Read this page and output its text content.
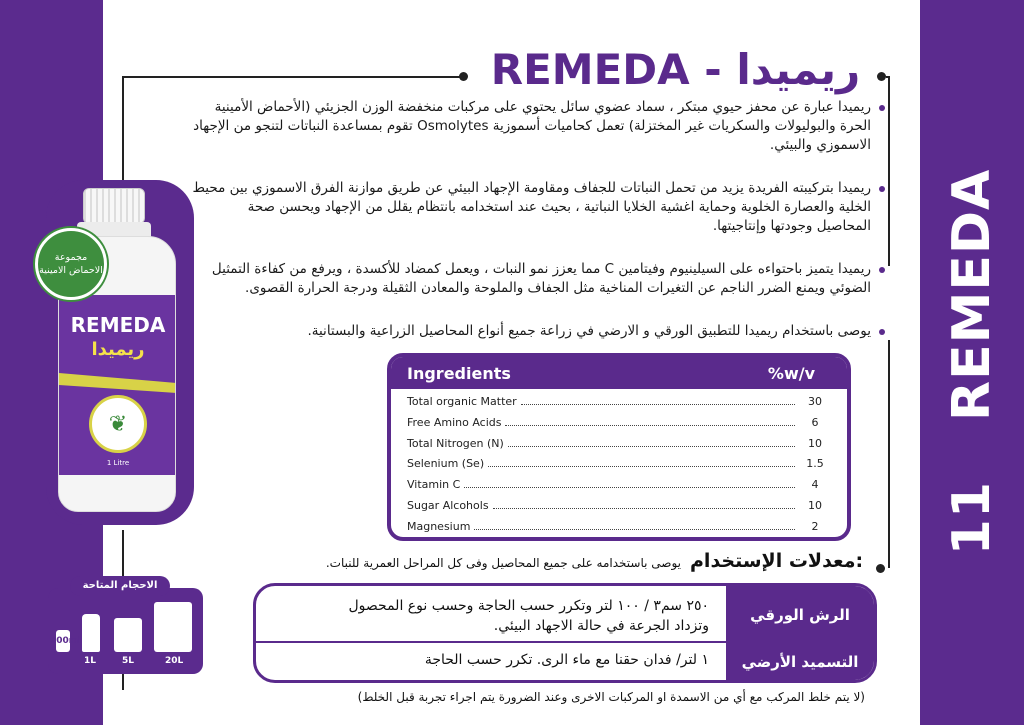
11REMEDA
REMEDA - ريميدا

ريميدا عبارة عن محفز حيوي مبتكر ، سماد عضوي سائل يحتوي على مركبات منخفضة الوزن الجزيئي (الأحماض الأمينية الحرة والبوليولات والسكريات غير المختزلة) تعمل كحاميات أسموزية Osmolytes تقوم بمساعدة النباتات لتنجو من الإجهاد الاسموزي والبيئي.

ريميدا بتركيبته الفريدة يزيد من تحمل النباتات للجفاف ومقاومة الإجهاد البيئي عن طريق موازنة الفرق الاسموزي بين محيط الخلية والعصارة الخلوية وحماية اغشية الخلايا النباتية ، بحيث عند استخدامه بانتظام يقلل من الإجهاد ويحسن صحة المحاصيل وجودتها وإنتاجيتها.

ريميدا يتميز باحتواءه على السيلينيوم وفيتامين C مما يعزز نمو النبات ، ويعمل كمضاد للأكسدة ، ويرفع من كفاءة التمثيل الضوئي ويمنع الضرر الناجم عن التغيرات المناخية مثل الجفاف والملوحة والمعادن الثقيلة ودرجة الحرارة القصوى.

يوصى باستخدام ريميدا للتطبيق الورقي و الارضي في زراعة جميع أنواع المحاصيل الزراعية والبستانية.

Ingredients	%w/v
Total organic Matter	30
Free Amino Acids	6
Total Nitrogen (N)	10
Selenium (Se)	1.5
Vitamin C	4
Sugar Alcohols	10
Magnesium	2
معدلات الإستخدام:
يوصى باستخدامه على جميع المحاصيل وفى كل المراحل العمرية للنبات.
الرش الورقي
٢٥٠ سم٣ / ١٠٠ لتر وتكرر حسب الحاجة وحسب نوع المحصول وتزداد الجرعة في حالة الاجهاد البيئي.
التسميد الأرضي
١ لتر/ فدان حقنا مع ماء الرى. تكرر حسب الحاجة
(لا يتم خلط المركب مع أي من الاسمدة او المركبات الاخرى وعند الضرورة يتم اجراء تجربة قبل الخلط)
REMEDA
ريميدا
❦
1 Litre
مجموعة الاحماض الامينية
500ml
1L	5L	20L
الاحجام المتاحة
